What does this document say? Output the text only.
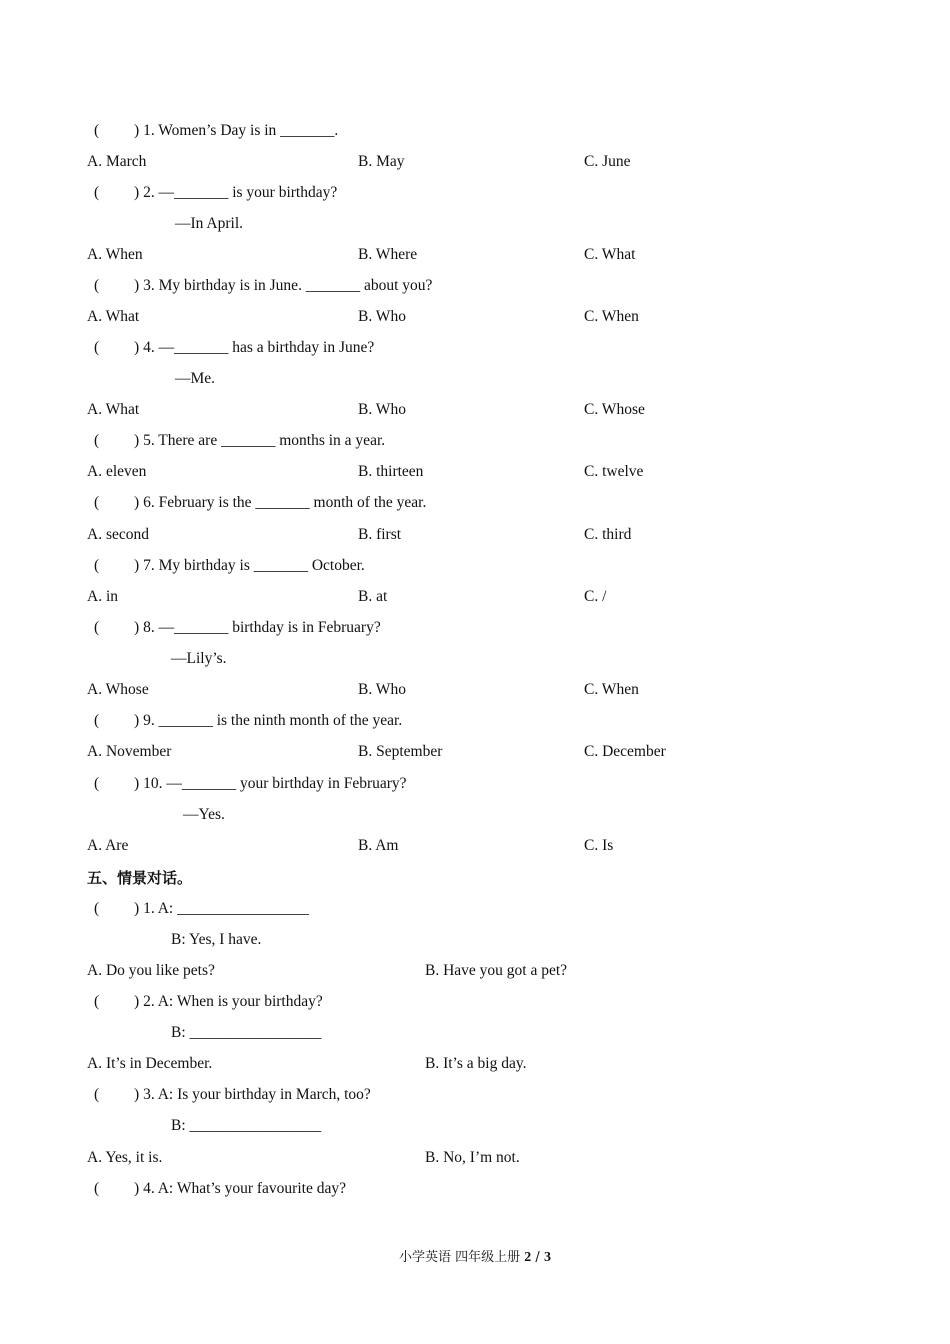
( 　　) 1. Women’s Day is in _______.
A. March	B. May	C. June
( 　　) 2. —_______ is your birthday?
—In April.
A. When	B. Where	C. What
( 　　) 3. My birthday is in June. _______ about you?
A. What	B. Who	C. When
( 　　) 4. —_______ has a birthday in June?
—Me.
A. What	B. Who	C. Whose
( 　　) 5. There are _______ months in a year.
A. eleven	B. thirteen	C. twelve
( 　　) 6. February is the _______ month of the year.
A. second	B. first	C. third
( 　　) 7. My birthday is _______ October.
A. in	B. at	C. /
( 　　) 8. —_______ birthday is in February?
—Lily’s.
A. Whose	B. Who	C. When
( 　　) 9. _______ is the ninth month of the year.
A. November	B. September	C. December
( 　　) 10. —_______ your birthday in February?
—Yes.
A. Are	B. Am	C. Is
五、情景对话。
( 　　) 1. A: _________________
B: Yes, I have.
A. Do you like pets?	B. Have you got a pet?
( 　　) 2. A: When is your birthday?
B: _________________
A. It’s in December.	B. It’s a big day.
( 　　) 3. A: Is your birthday in March, too?
B: _________________
A. Yes, it is.	B. No, I’m not.
( 　　) 4. A: What’s your favourite day?
小学英语 四年级上册 2 / 3
